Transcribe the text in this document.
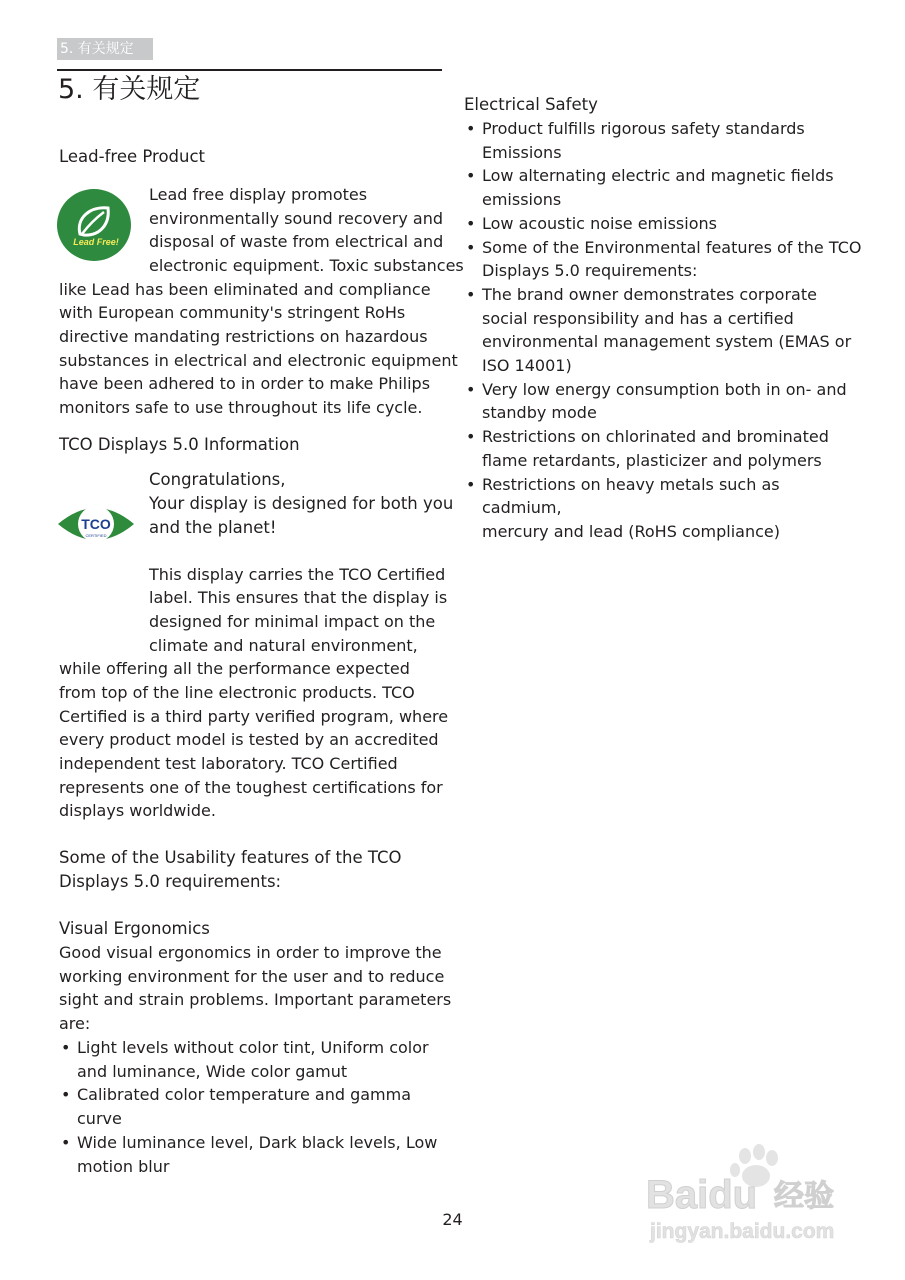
5. 有关规定
5. 有关规定
Lead-free Product
Lead Free!
Lead free display promotes
environmentally sound recovery and
disposal of waste from electrical and
electronic equipment. Toxic substances
like Lead has been eliminated and compliance
with European community's stringent RoHs
directive mandating restrictions on hazardous
substances in electrical and electronic equipment
have been adhered to in order to make Philips
monitors safe to use throughout its life cycle.
TCO Displays 5.0 Information
TCO
CERTIFIED
Congratulations,
Your display is designed for both you
and the planet!
This display carries the TCO Certified
label. This ensures that the display is
designed for minimal impact on the
climate and natural environment,
while offering all the performance expected
from top of the line electronic products. TCO
Certified is a third party verified program, where
every product model is tested by an accredited
independent test laboratory. TCO Certified
represents one of the toughest certifications for
displays worldwide.
Some of the Usability features of the TCO
Displays 5.0 requirements:
Visual Ergonomics
Good visual ergonomics in order to improve the
working environment for the user and to reduce
sight and strain problems. Important parameters
are:
• Light levels without color tint, Uniform color
and luminance, Wide color gamut
• Calibrated color temperature and gamma
curve
• Wide luminance level, Dark black levels, Low
motion blur
Electrical Safety
• Product fulfills rigorous safety standards
Emissions
• Low alternating electric and magnetic fields
emissions
• Low acoustic noise emissions
• Some of the Environmental features of the TCO
Displays 5.0 requirements:
• The brand owner demonstrates corporate
social responsibility and has a certified
environmental management system (EMAS or
ISO 14001)
• Very low energy consumption both in on- and
standby mode
• Restrictions on chlorinated and brominated
flame retardants, plasticizer and polymers
• Restrictions on heavy metals such as cadmium,
mercury and lead (RoHS compliance)
24
Baidu 经验
jingyan.baidu.com
